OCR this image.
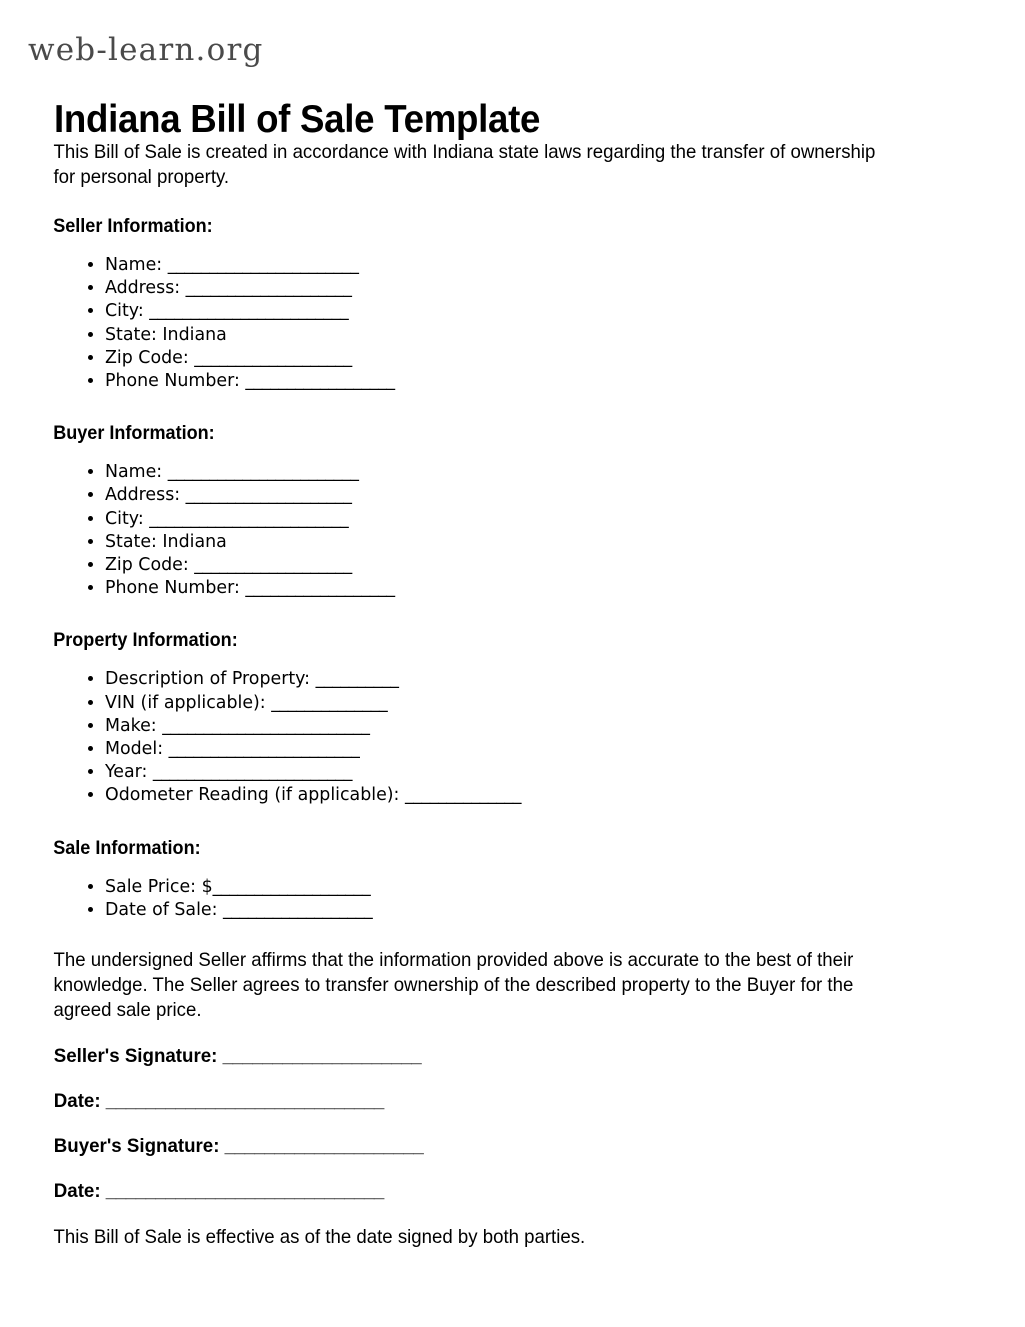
web-learn.org
Indiana Bill of Sale Template

This Bill of Sale is created in accordance with Indiana state laws regarding the transfer of ownership for personal property.

Seller Information:
• Name: _______________________
• Address: ____________________
• City: ________________________
• State: Indiana
• Zip Code: ___________________
• Phone Number: __________________
Buyer Information:
• Name: _______________________
• Address: ____________________
• City: ________________________
• State: Indiana
• Zip Code: ___________________
• Phone Number: __________________
Property Information:
• Description of Property: __________
• VIN (if applicable): ______________
• Make: _________________________
• Model: _______________________
• Year: ________________________
• Odometer Reading (if applicable): ______________
Sale Information:
• Sale Price: $___________________
• Date of Sale: __________________

The undersigned Seller affirms that the information provided above is accurate to the best of their knowledge. The Seller agrees to transfer ownership of the described property to the Buyer for the agreed sale price.

Seller's Signature: ____________________
Date: ____________________________
Buyer's Signature: ____________________
Date: ____________________________

This Bill of Sale is effective as of the date signed by both parties.
